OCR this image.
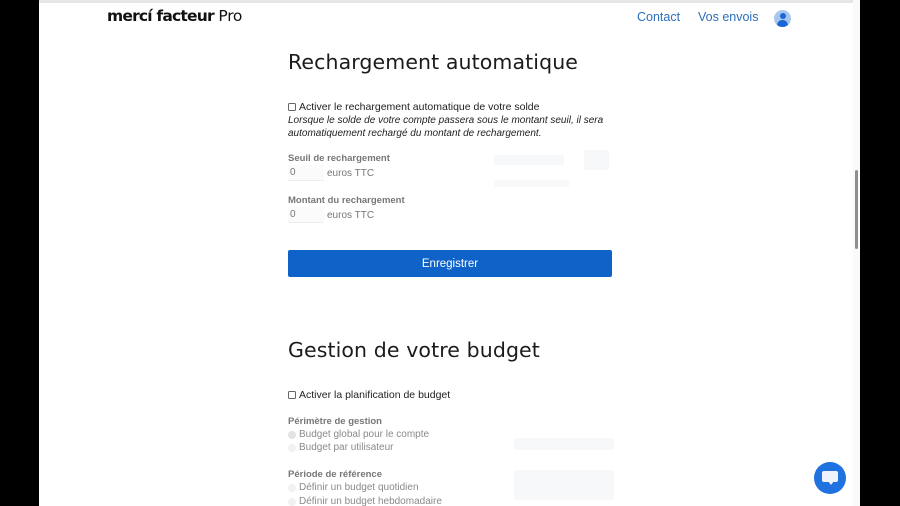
mercí facteur Pro	Contact Vos envois
Rechargement automatique
Activer le rechargement automatique de votre solde

Lorsque le solde de votre compte passera sous le montant seuil, il sera automatiquement rechargé du montant de rechargement.

Seuil de rechargement
0
euros TTC
Montant du rechargement
0
euros TTC
Enregistrer
Gestion de votre budget
Activer la planification de budget
Périmètre de gestion
Budget global pour le compte
Budget par utilisateur
Période de référence
Définir un budget quotidien
Définir un budget hebdomadaire
